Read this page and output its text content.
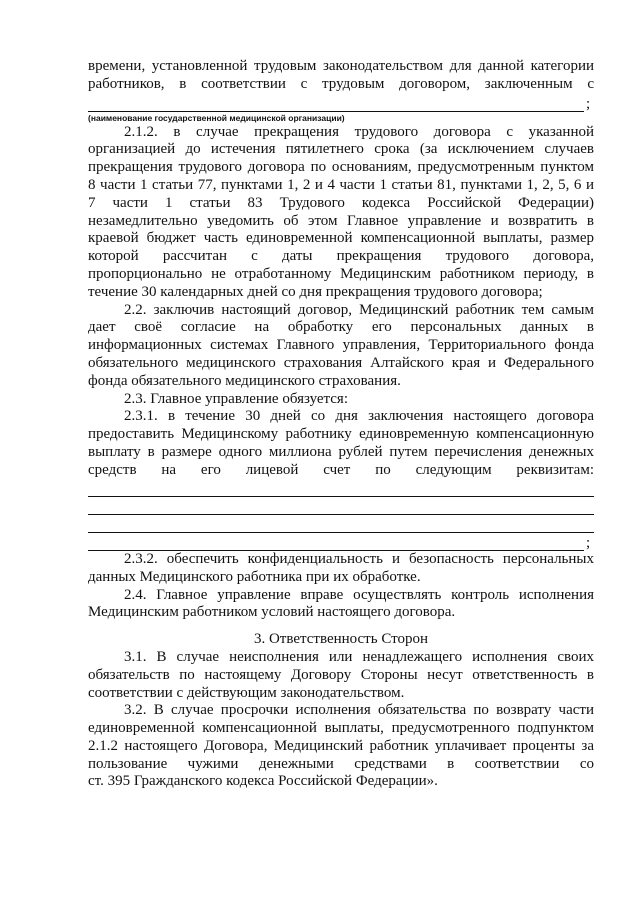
времени, установленной трудовым законодательством для данной категории
работников, в соответствии с трудовым договором, заключенным с
;
(наименование государственной медицинской организации)
2.1.2. в случае прекращения трудового договора с указанной
организацией до истечения пятилетнего срока (за исключением случаев
прекращения трудового договора по основаниям, предусмотренным пунктом
8 части 1 статьи 77, пунктами 1, 2 и 4 части 1 статьи 81, пунктами 1, 2, 5, 6 и
7 части 1 статьи 83 Трудового кодекса Российской Федерации)
незамедлительно уведомить об этом Главное управление и возвратить в
краевой бюджет часть единовременной компенсационной выплаты, размер
которой рассчитан с даты прекращения трудового договора,
пропорционально не отработанному Медицинским работником периоду, в
течение 30 календарных дней со дня прекращения трудового договора;
2.2. заключив настоящий договор, Медицинский работник тем самым
дает своё согласие на обработку его персональных данных в
информационных системах Главного управления, Территориального фонда
обязательного медицинского страхования Алтайского края и Федерального
фонда обязательного медицинского страхования.
2.3. Главное управление обязуется:
2.3.1. в течение 30 дней со дня заключения настоящего договора
предоставить Медицинскому работнику единовременную компенсационную
выплату в размере одного миллиона рублей путем перечисления денежных
средств на его лицевой счет по следующим реквизитам:
;
2.3.2. обеспечить конфиденциальность и безопасность персональных
данных Медицинского работника при их обработке.
2.4. Главное управление вправе осуществлять контроль исполнения
Медицинским работником условий настоящего договора.
3. Ответственность Сторон
3.1. В случае неисполнения или ненадлежащего исполнения своих
обязательств по настоящему Договору Стороны несут ответственность в
соответствии с действующим законодательством.
3.2. В случае просрочки исполнения обязательства по возврату части
единовременной компенсационной выплаты, предусмотренного подпунктом
2.1.2 настоящего Договора, Медицинский работник уплачивает проценты за
пользование чужими денежными средствами в соответствии со
ст. 395 Гражданского кодекса Российской Федерации».
